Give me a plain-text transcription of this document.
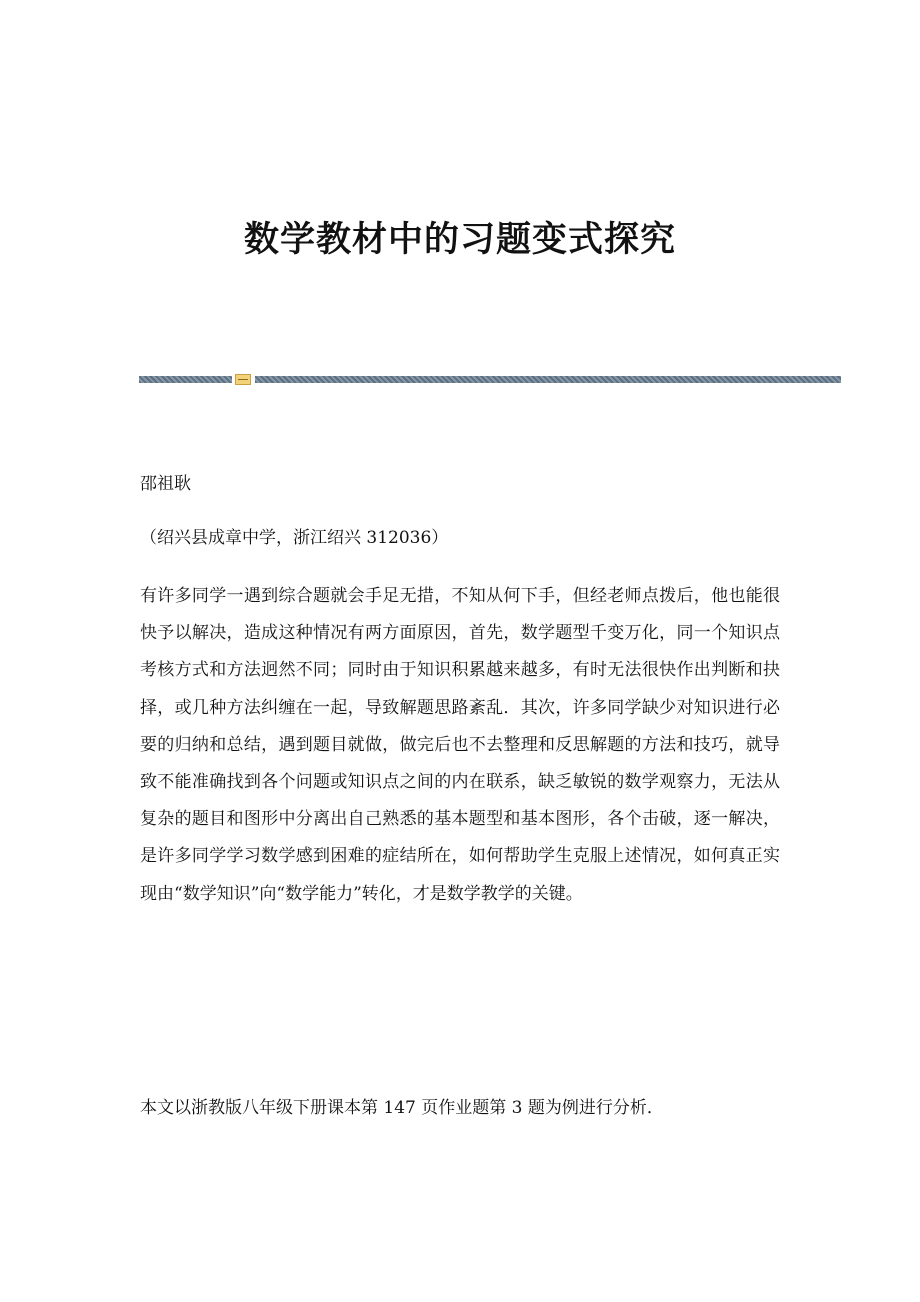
数学教材中的习题变式探究
邵祖耿
（绍兴县成章中学，浙江绍兴 312036）

有许多同学一遇到综合题就会手足无措，不知从何下手，但经老师点拨后，他也能很快予以解决，造成这种情况有两方面原因，首先，数学题型千变万化，同一个知识点考核方式和方法迥然不同；同时由于知识积累越来越多，有时无法很快作出判断和抉择，或几种方法纠缠在一起，导致解题思路紊乱．其次，许多同学缺少对知识进行必要的归纳和总结，遇到题目就做，做完后也不去整理和反思解题的方法和技巧，就导致不能准确找到各个问题或知识点之间的内在联系，缺乏敏锐的数学观察力，无法从复杂的题目和图形中分离出自己熟悉的基本题型和基本图形，各个击破，逐一解决，是许多同学学习数学感到困难的症结所在，如何帮助学生克服上述情况，如何真正实现由“数学知识”向“数学能力”转化，才是数学教学的关键。

本文以浙教版八年级下册课本第 147 页作业题第 3 题为例进行分析．
